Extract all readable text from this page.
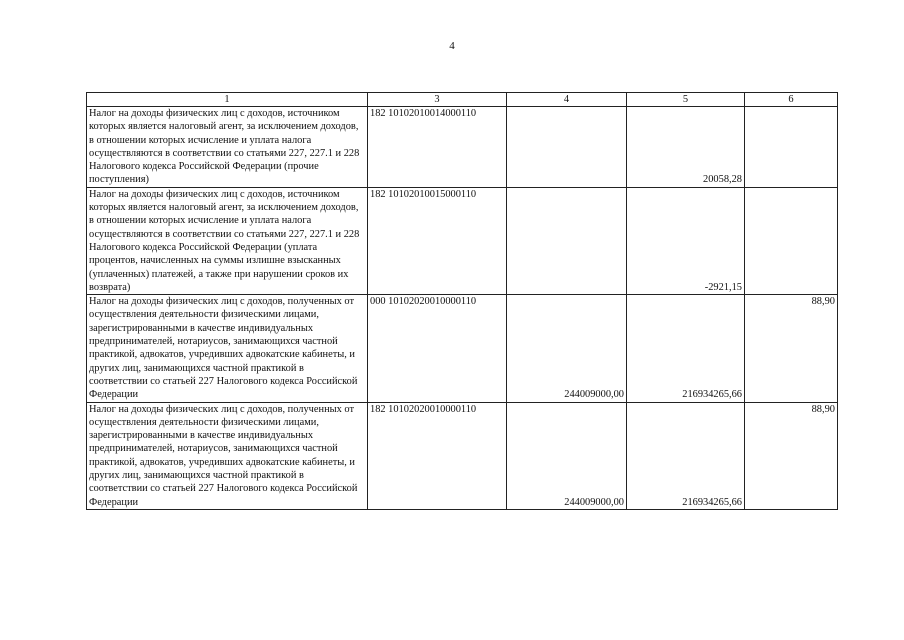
4
1	3	4	5	6
Налог на доходы физических лиц с доходов, источником которых является налоговый агент, за исключением доходов, в отношении которых исчисление и уплата налога осуществляются в соответствии со статьями 227, 227.1 и 228 Налогового кодекса Российской Федерации (прочие поступления)	182 10102010014000110		20058,28	
Налог на доходы физических лиц с доходов, источником которых является налоговый агент, за исключением доходов, в отношении которых исчисление и уплата налога осуществляются в соответствии со статьями 227, 227.1 и 228 Налогового кодекса Российской Федерации (уплата процентов, начисленных на суммы излишне взысканных (уплаченных) платежей, а также при нарушении сроков их возврата)	182 10102010015000110		-2921,15	
Налог на доходы физических лиц с доходов, полученных от осуществления деятельности физическими лицами, зарегистрированными в качестве индивидуальных предпринимателей, нотариусов, занимающихся частной практикой, адвокатов, учредивших адвокатские кабинеты, и других лиц, занимающихся частной практикой в соответствии со статьей 227 Налогового кодекса Российской Федерации	000 10102020010000110	244009000,00	216934265,66	88,90
Налог на доходы физических лиц с доходов, полученных от осуществления деятельности физическими лицами, зарегистрированными в качестве индивидуальных предпринимателей, нотариусов, занимающихся частной практикой, адвокатов, учредивших адвокатские кабинеты, и других лиц, занимающихся частной практикой в соответствии со статьей 227 Налогового кодекса Российской Федерации	182 10102020010000110	244009000,00	216934265,66	88,90
